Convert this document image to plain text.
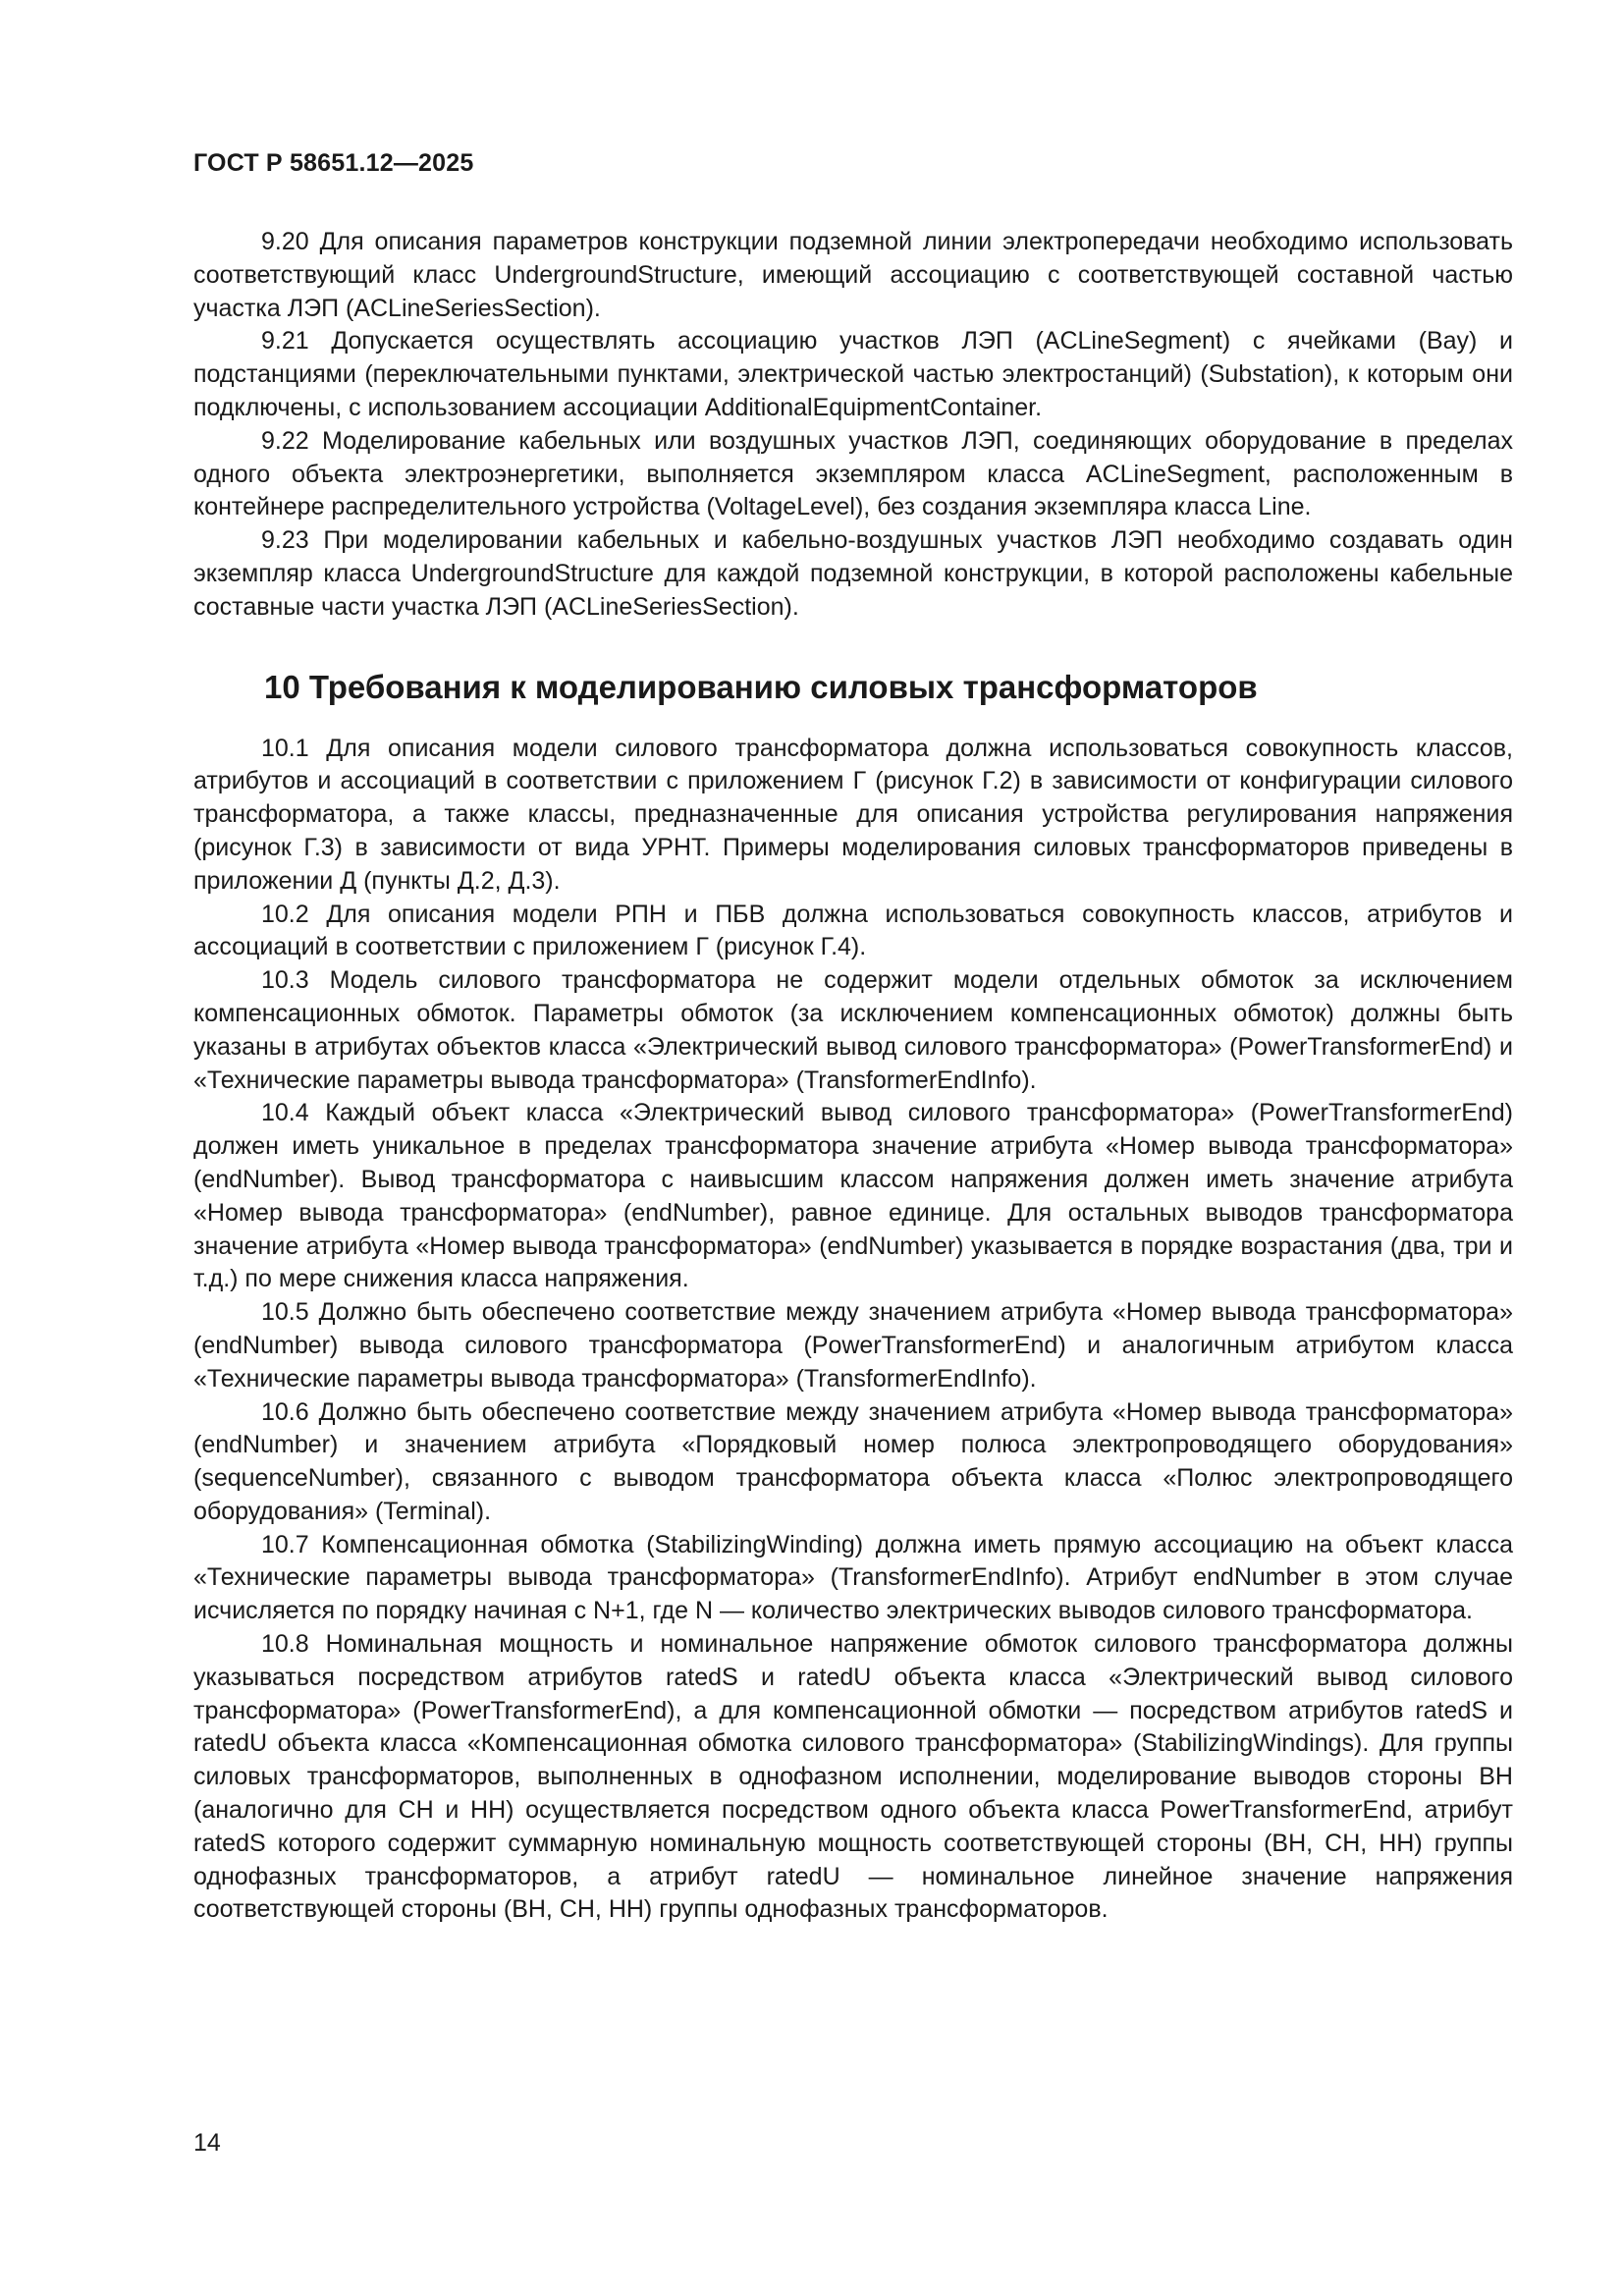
ГОСТ Р 58651.12—2025

9.20 Для описания параметров конструкции подземной линии электропередачи необходимо использовать соответствующий класс UndergroundStructure, имеющий ассоциацию с соответствующей составной частью участка ЛЭП (ACLineSeriesSection).

9.21 Допускается осуществлять ассоциацию участков ЛЭП (ACLineSegment) с ячейками (Bay) и подстанциями (переключательными пунктами, электрической частью электростанций) (Substation), к которым они подключены, с использованием ассоциации AdditionalEquipmentContainer.

9.22 Моделирование кабельных или воздушных участков ЛЭП, соединяющих оборудование в пределах одного объекта электроэнергетики, выполняется экземпляром класса ACLineSegment, расположенным в контейнере распределительного устройства (VoltageLevel), без создания экземпляра класса Line.

9.23 При моделировании кабельных и кабельно-воздушных участков ЛЭП необходимо создавать один экземпляр класса UndergroundStructure для каждой подземной конструкции, в которой расположены кабельные составные части участка ЛЭП (ACLineSeriesSection).

10 Требования к моделированию силовых трансформаторов

10.1 Для описания модели силового трансформатора должна использоваться совокупность классов, атрибутов и ассоциаций в соответствии с приложением Г (рисунок Г.2) в зависимости от конфигурации силового трансформатора, а также классы, предназначенные для описания устройства регулирования напряжения (рисунок Г.3) в зависимости от вида УРНТ. Примеры моделирования силовых трансформаторов приведены в приложении Д (пункты Д.2, Д.3).

10.2 Для описания модели РПН и ПБВ должна использоваться совокупность классов, атрибутов и ассоциаций в соответствии с приложением Г (рисунок Г.4).

10.3 Модель силового трансформатора не содержит модели отдельных обмоток за исключением компенсационных обмоток. Параметры обмоток (за исключением компенсационных обмоток) должны быть указаны в атрибутах объектов класса «Электрический вывод силового трансформатора» (PowerTransformerEnd) и «Технические параметры вывода трансформатора» (TransformerEndInfo).

10.4 Каждый объект класса «Электрический вывод силового трансформатора» (PowerTransformerEnd) должен иметь уникальное в пределах трансформатора значение атрибута «Номер вывода трансформатора» (endNumber). Вывод трансформатора с наивысшим классом напряжения должен иметь значение атрибута «Номер вывода трансформатора» (endNumber), равное единице. Для остальных выводов трансформатора значение атрибута «Номер вывода трансформатора» (endNumber) указывается в порядке возрастания (два, три и т.д.) по мере снижения класса напряжения.

10.5 Должно быть обеспечено соответствие между значением атрибута «Номер вывода трансформатора» (endNumber) вывода силового трансформатора (PowerTransformerEnd) и аналогичным атрибутом класса «Технические параметры вывода трансформатора» (TransformerEndInfo).

10.6 Должно быть обеспечено соответствие между значением атрибута «Номер вывода трансформатора» (endNumber) и значением атрибута «Порядковый номер полюса электропроводящего оборудования» (sequenceNumber), связанного с выводом трансформатора объекта класса «Полюс электропроводящего оборудования» (Terminal).

10.7 Компенсационная обмотка (StabilizingWinding) должна иметь прямую ассоциацию на объект класса «Технические параметры вывода трансформатора» (TransformerEndInfo). Атрибут endNumber в этом случае исчисляется по порядку начиная с N+1, где N — количество электрических выводов силового трансформатора.

10.8 Номинальная мощность и номинальное напряжение обмоток силового трансформатора должны указываться посредством атрибутов ratedS и ratedU объекта класса «Электрический вывод силового трансформатора» (PowerTransformerEnd), а для компенсационной обмотки — посредством атрибутов ratedS и ratedU объекта класса «Компенсационная обмотка силового трансформатора» (StabilizingWindings). Для группы силовых трансформаторов, выполненных в однофазном исполнении, моделирование выводов стороны ВН (аналогично для СН и НН) осуществляется посредством одного объекта класса PowerTransformerEnd, атрибут ratedS которого содержит суммарную номинальную мощность соответствующей стороны (ВН, СН, НН) группы однофазных трансформаторов, а атрибут ratedU — номинальное линейное значение напряжения соответствующей стороны (ВН, СН, НН) группы однофазных трансформаторов.

14
